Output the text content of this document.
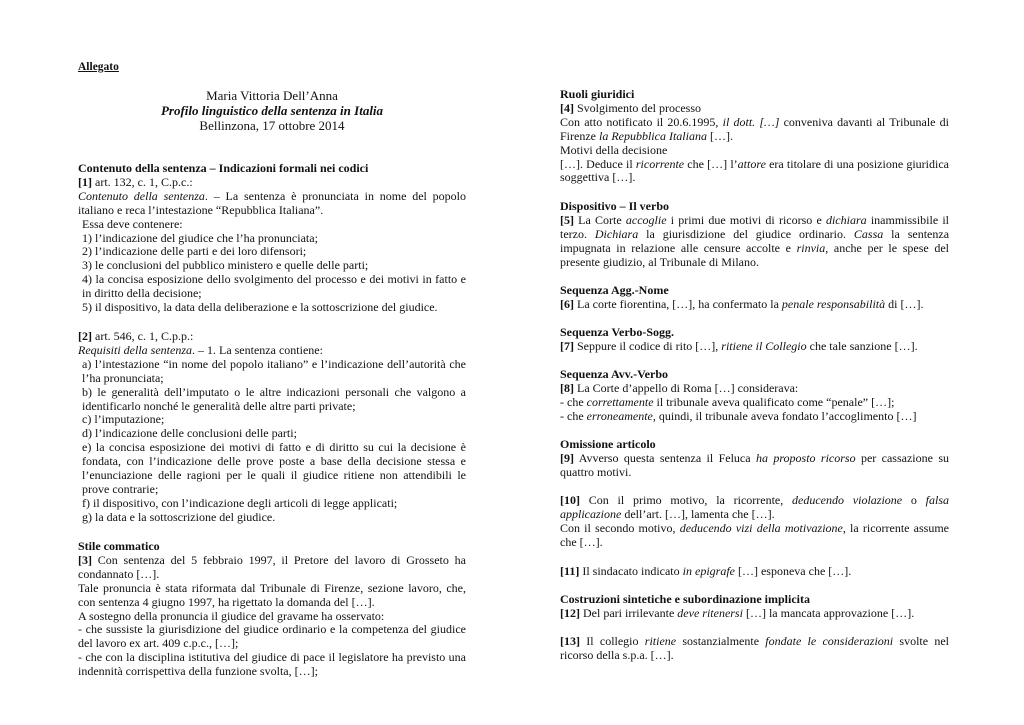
Allegato
Maria Vittoria Dell’Anna
Profilo linguistico della sentenza in Italia
Bellinzona, 17 ottobre 2014

Contenuto della sentenza – Indicazioni formali nei codici

[1] art. 132, c. 1, C.p.c.:

Contenuto della sentenza. – La sentenza è pronunciata in nome del popolo italiano e reca l’intestazione “Repubblica Italiana”.

Essa deve contenere:

1) l’indicazione del giudice che l’ha pronunciata;

2) l’indicazione delle parti e dei loro difensori;

3) le conclusioni del pubblico ministero e quelle delle parti;

4) la concisa esposizione dello svolgimento del processo e dei motivi in fatto e in diritto della decisione;

5) il dispositivo, la data della deliberazione e la sottoscrizione del giudice.

[2] art. 546, c. 1, C.p.p.:

Requisiti della sentenza. – 1. La sentenza contiene:

a) l’intestazione “in nome del popolo italiano” e l’indicazione dell’autorità che l’ha pronunciata;

b) le generalità dell’imputato o le altre indicazioni personali che valgono a identificarlo nonché le generalità delle altre parti private;

c) l’imputazione;

d) l’indicazione delle conclusioni delle parti;

e) la concisa esposizione dei motivi di fatto e di diritto su cui la decisione è fondata, con l’indicazione delle prove poste a base della decisione stessa e l’enunciazione delle ragioni per le quali il giudice ritiene non attendibili le prove contrarie;

f) il dispositivo, con l’indicazione degli articoli di legge applicati;

g) la data e la sottoscrizione del giudice.

Stile commatico

[3] Con sentenza del 5 febbraio 1997, il Pretore del lavoro di Grosseto ha condannato […].

Tale pronuncia è stata riformata dal Tribunale di Firenze, sezione lavoro, che, con sentenza 4 giugno 1997, ha rigettato la domanda del […].

A sostegno della pronuncia il giudice del gravame ha osservato:

- che sussiste la giurisdizione del giudice ordinario e la competenza del giudice del lavoro ex art. 409 c.p.c., […];

- che con la disciplina istitutiva del giudice di pace il legislatore ha previsto una indennità corrispettiva della funzione svolta, […];

Ruoli giuridici

[4] Svolgimento del processo

Con atto notificato il 20.6.1995, il dott. […] conveniva davanti al Tribunale di Firenze la Repubblica Italiana […].

Motivi della decisione

[…]. Deduce il ricorrente che […] l’attore era titolare di una posizione giuridica soggettiva […].

Dispositivo – Il verbo

[5] La Corte accoglie i primi due motivi di ricorso e dichiara inammissibile il terzo. Dichiara la giurisdizione del giudice ordinario. Cassa la sentenza impugnata in relazione alle censure accolte e rinvia, anche per le spese del presente giudizio, al Tribunale di Milano.

Sequenza Agg.-Nome

[6] La corte fiorentina, […], ha confermato la penale responsabilità di […].

Sequenza Verbo-Sogg.

[7] Seppure il codice di rito […], ritiene il Collegio che tale sanzione […].

Sequenza Avv.-Verbo

[8] La Corte d’appello di Roma […] considerava:

- che correttamente il tribunale aveva qualificato come “penale” […];

- che erroneamente, quindi, il tribunale aveva fondato l’accoglimento […]

Omissione articolo

[9] Avverso questa sentenza il Feluca ha proposto ricorso per cassazione su quattro motivi.

[10] Con il primo motivo, la ricorrente, deducendo violazione o falsa applicazione dell’art. […], lamenta che […].

Con il secondo motivo, deducendo vizi della motivazione, la ricorrente assume che […].

[11] Il sindacato indicato in epigrafe […] esponeva che […].

Costruzioni sintetiche e subordinazione implicita

[12] Del pari irrilevante deve ritenersi […] la mancata approvazione […].

[13] Il collegio ritiene sostanzialmente fondate le considerazioni svolte nel ricorso della s.p.a. […].
